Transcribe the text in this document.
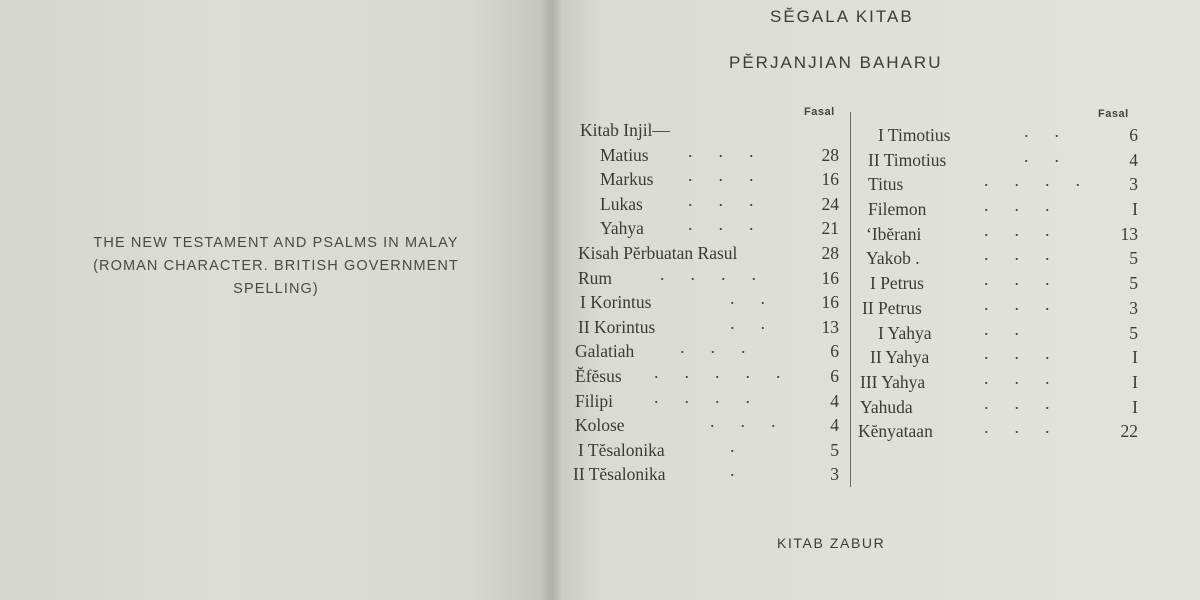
THE NEW TESTAMENT AND PSALMS IN MALAY
(ROMAN CHARACTER. BRITISH GOVERNMENT
SPELLING)
SĔGALA KITAB
PĔRJANJIAN BAHARU
Fasal	Fasal
Kitab Injil—
Matius ...	28
Markus ...	16
Lukas	...	24
Yahya ...	21
Kisah Pĕrbuatan Rasul	28
Rum	....	16
I Korintus	..	16
II Korintus	..	13
Galatiah	...	6
Ĕfĕsus .....	6
Filipi ....	4
Kolose	...	4
I Tĕsalonika	.	5
II Tĕsalonika	.	3
I Timotius	..	6
II Timotius	..	4
Titus	....	3
Filemon	...	I
‘Ibĕrani	...	13
Yakob .	...	5
I Petrus	...	5
II Petrus	...	3
I Yahya	..	5
II Yahya	...	I
III Yahya	...	I
Yahuda	...	I
Kĕnyataan	...	22
KITAB ZABUR
